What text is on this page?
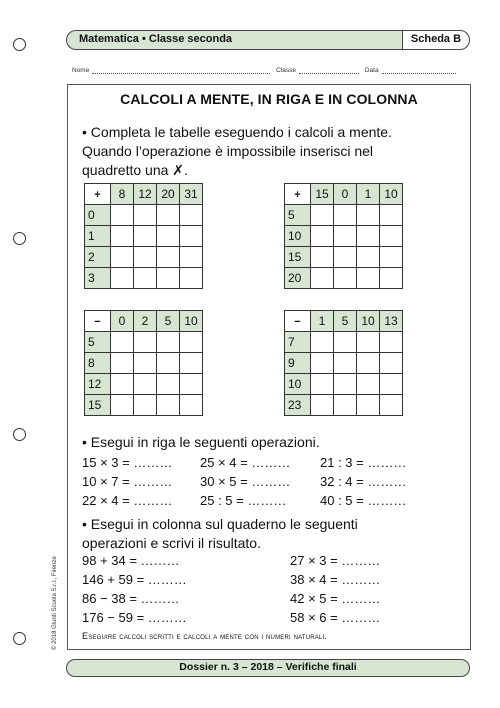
Matematica • Classe seconda	Scheda B
Nome	Classe	Data
CALCOLI A MENTE, IN RIGA E IN COLONNA
• Completa le tabelle eseguendo i calcoli a mente.
Quando l’operazione è impossibile inserisci nel
quadretto una ✗.
+	8	12	20	31
0				
1				
2				
3				
+	15	0	1	10
5				
10				
15				
20				
−	0	2	5	10
5				
8				
12				
15				
−	1	5	10	13
7				
9				
10				
23				
• Esegui in riga le seguenti operazioni.
15 × 3 = ……… 25 × 4 = ……… 21 : 3 = ………
10 × 7 = ……… 30 × 5 = ……… 32 : 4 = ………
22 × 4 = ……… 25 : 5 = ………	40 : 5 = ………
• Esegui in colonna sul quaderno le seguenti
operazioni e scrivi il risultato.
98 + 34 = ………	27 × 3 = ………
146 + 59 = ………	38 × 4 = ………
86 − 38 = ………	42 × 5 = ………
176 − 59 = ………	58 × 6 = ………
Eseguire calcoli scritti e calcoli a mente con i numeri naturali.
© 2018 Giunti Scuola S.r.l., Firenze
Dossier n. 3 – 2018 – Verifiche finali
